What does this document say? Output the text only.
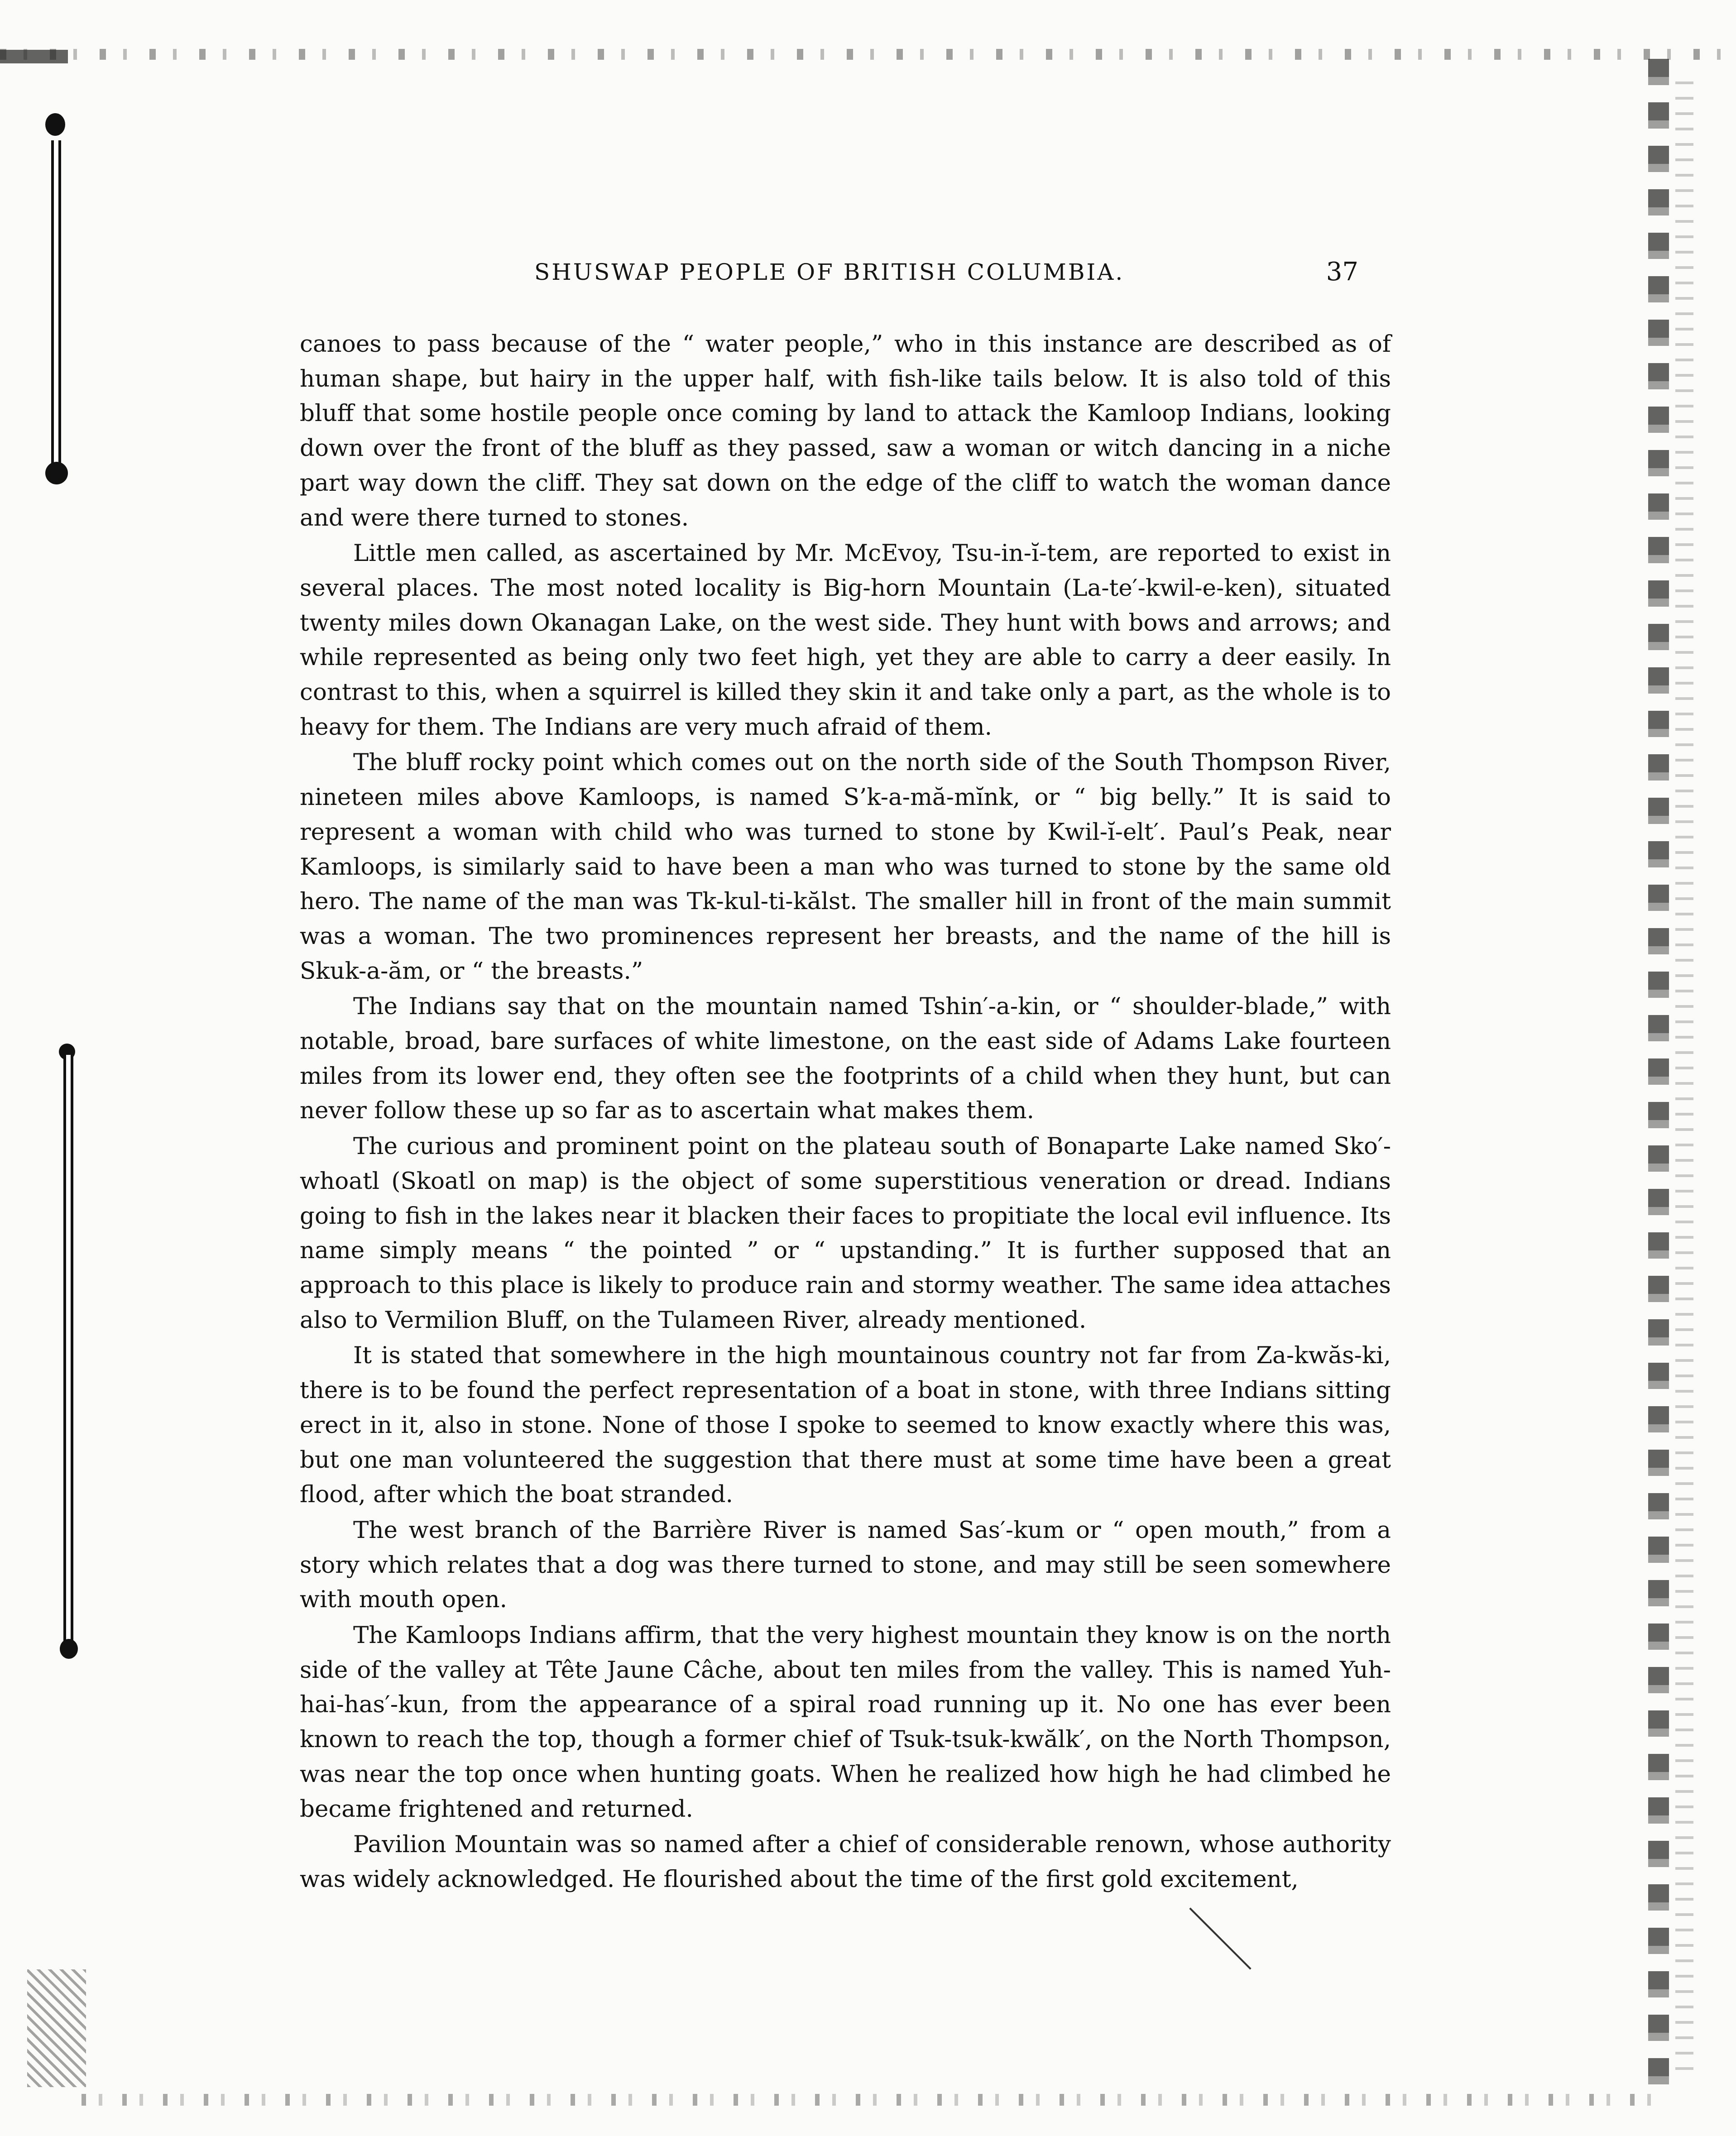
SHUSWAP PEOPLE OF BRITISH COLUMBIA.	37

canoes to pass because of the “ water people,” who in this instance are described as of human shape, but hairy in the upper half, with fish-like tails below. It is also told of this bluff that some hostile people once coming by land to attack the Kamloop Indians, looking down over the front of the bluff as they passed, saw a woman or witch dancing in a niche part way down the cliff. They sat down on the edge of the cliff to watch the woman dance and were there turned to stones.

Little men called, as ascertained by Mr. McEvoy, Tsu-in-ĭ-tem, are reported to exist in several places. The most noted locality is Big-horn Mountain (La-te′-kwil-e-ken), situated twenty miles down Okanagan Lake, on the west side. They hunt with bows and arrows; and while represented as being only two feet high, yet they are able to carry a deer easily. In contrast to this, when a squirrel is killed they skin it and take only a part, as the whole is to heavy for them. The Indians are very much afraid of them.

The bluff rocky point which comes out on the north side of the South Thompson River, nineteen miles above Kamloops, is named S’k-a-mă-mĭnk, or “ big belly.” It is said to represent a woman with child who was turned to stone by Kwil-ĭ-elt′. Paul’s Peak, near Kamloops, is similarly said to have been a man who was turned to stone by the same old hero. The name of the man was Tk-kul-ti-kălst. The smaller hill in front of the main summit was a woman. The two prominences represent her breasts, and the name of the hill is Skuk-a-ăm, or “ the breasts.”

The Indians say that on the mountain named Tshin′-a-kin, or “ shoulder-blade,” with notable, broad, bare surfaces of white limestone, on the east side of Adams Lake fourteen miles from its lower end, they often see the footprints of a child when they hunt, but can never follow these up so far as to ascertain what makes them.

The curious and prominent point on the plateau south of Bonaparte Lake named Sko′-whoatl (Skoatl on map) is the object of some superstitious veneration or dread. Indians going to fish in the lakes near it blacken their faces to propitiate the local evil influence. Its name simply means “ the pointed ” or “ upstanding.” It is further supposed that an approach to this place is likely to produce rain and stormy weather. The same idea attaches also to Vermilion Bluff, on the Tulameen River, already mentioned.

It is stated that somewhere in the high mountainous country not far from Za-kwăs-ki, there is to be found the perfect representation of a boat in stone, with three Indians sitting erect in it, also in stone. None of those I spoke to seemed to know exactly where this was, but one man volunteered the suggestion that there must at some time have been a great flood, after which the boat stranded.

The west branch of the Barrière River is named Sas′-kum or “ open mouth,” from a story which relates that a dog was there turned to stone, and may still be seen somewhere with mouth open.

The Kamloops Indians affirm, that the very highest mountain they know is on the north side of the valley at Tête Jaune Câche, about ten miles from the valley. This is named Yuh-hai-has′-kun, from the appearance of a spiral road running up it. No one has ever been known to reach the top, though a former chief of Tsuk-tsuk-kwălk′, on the North Thompson, was near the top once when hunting goats. When he realized how high he had climbed he became frightened and returned.

Pavilion Mountain was so named after a chief of considerable renown, whose authority was widely acknowledged. He flourished about the time of the first gold excitement,
